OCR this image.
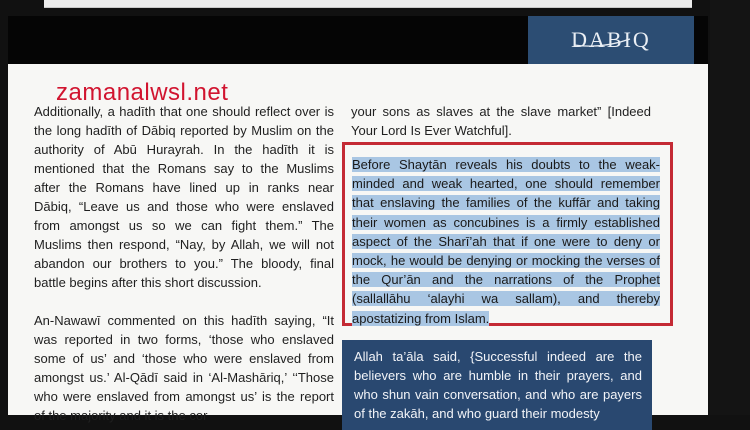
DABIQ
zamanalwsl.net

Additionally, a hadīth that one should reflect over is the long hadīth of Dābiq reported by Muslim on the authority of Abū Hurayrah. In the hadīth it is mentioned that the Romans say to the Muslims after the Romans have lined up in ranks near Dābiq, “Leave us and those who were enslaved from amongst us so we can fight them.” The Muslims then respond, “Nay, by Allah, we will not abandon our brothers to you.” The bloody, final battle begins after this short discussion.

An-Nawawī commented on this hadīth saying, “It was reported in two forms, ‘those who enslaved some of us’ and ‘those who were enslaved from amongst us.’ Al-Qādī said in ‘Al-Mashāriq,’ ‘‘Those who were enslaved from amongst us’ is the report of the majority and it is the cor

your sons as slaves at the slave market” [Indeed Your Lord Is Ever Watchful].

Before Shaytān reveals his doubts to the weak-minded and weak hearted, one should remember that enslaving the families of the kuffār and taking their women as concubines is a firmly established aspect of the Sharī’ah that if one were to deny or mock, he would be denying or mocking the verses of the Qur’ān and the narrations of the Prophet (sallallāhu ‘alayhi wa sallam), and thereby apostatizing from Islam.

Allah ta’āla said, {Successful indeed are the believers who are humble in their prayers, and who shun vain conversation, and who are payers of the zakāh, and who guard their modesty
